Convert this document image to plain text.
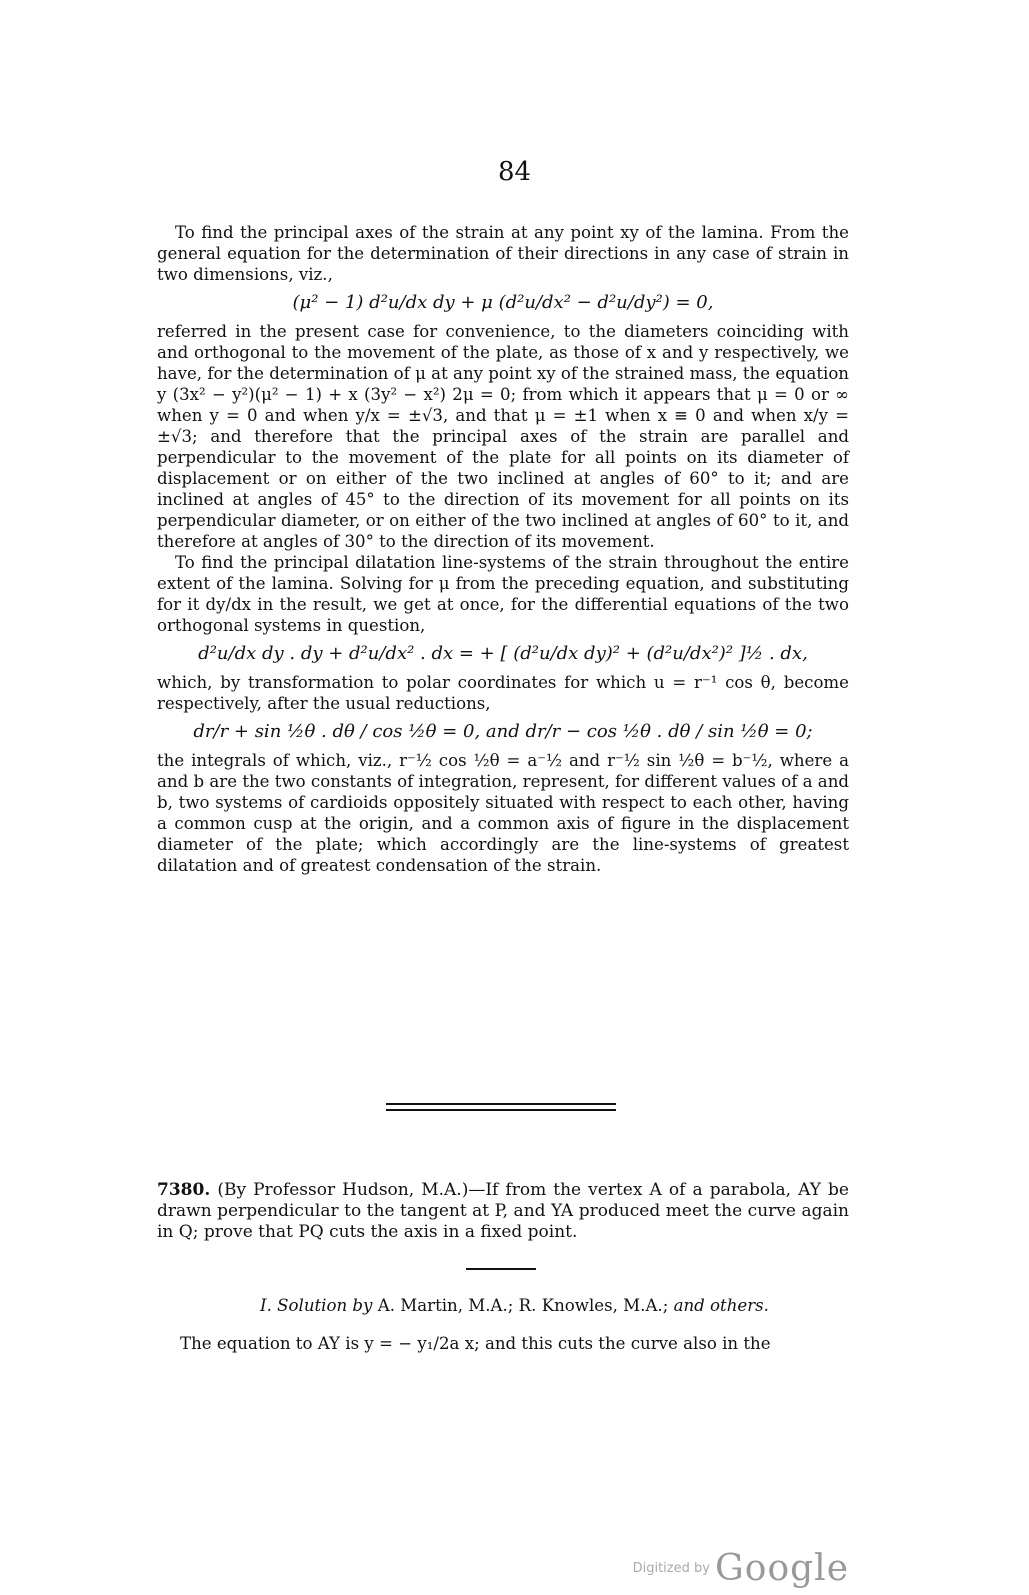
84

To find the principal axes of the strain at any point xy of the lamina. From the general equation for the determination of their directions in any case of strain in two dimensions, viz.,

(μ² − 1) d²u/dx dy + μ (d²u/dx² − d²u/dy²) = 0,

referred in the present case for convenience, to the diameters coinciding with and orthogonal to the movement of the plate, as those of x and y respectively, we have, for the determination of μ at any point xy of the strained mass, the equation y (3x² − y²)(μ² − 1) + x (3y² − x²) 2μ = 0; from which it appears that μ = 0 or ∞ when y = 0 and when y/x = ±√3, and that μ = ±1 when x ≡ 0 and when x/y = ±√3; and therefore that the principal axes of the strain are parallel and perpendicular to the movement of the plate for all points on its diameter of displacement or on either of the two inclined at angles of 60° to it; and are inclined at angles of 45° to the direction of its movement for all points on its perpendicular diameter, or on either of the two inclined at angles of 60° to it, and therefore at angles of 30° to the direction of its movement.

To find the principal dilatation line-systems of the strain throughout the entire extent of the lamina. Solving for μ from the preceding equation, and substituting for it dy/dx in the result, we get at once, for the differential equations of the two orthogonal systems in question,

d²u/dx dy . dy + d²u/dx² . dx = + [ (d²u/dx dy)² + (d²u/dx²)² ]½ . dx,

which, by transformation to polar coordinates for which u = r⁻¹ cos θ, become respectively, after the usual reductions,

dr/r + sin ½θ . dθ / cos ½θ = 0, and dr/r − cos ½θ . dθ / sin ½θ = 0;

the integrals of which, viz., r⁻½ cos ½θ = a⁻½ and r⁻½ sin ½θ = b⁻½, where a and b are the two constants of integration, represent, for different values of a and b, two systems of cardioids oppositely situated with respect to each other, having a common cusp at the origin, and a common axis of figure in the displacement diameter of the plate; which accordingly are the line-systems of greatest dilatation and of greatest condensation of the strain.

7380. (By Professor Hudson, M.A.)—If from the vertex A of a parabola, AY be drawn perpendicular to the tangent at P, and YA produced meet the curve again in Q; prove that PQ cuts the axis in a fixed point.
I. Solution by A. Martin, M.A.; R. Knowles, M.A.; and others.
The equation to AY is y = − y₁/2a x; and this cuts the curve also in the
Digitized by Google
